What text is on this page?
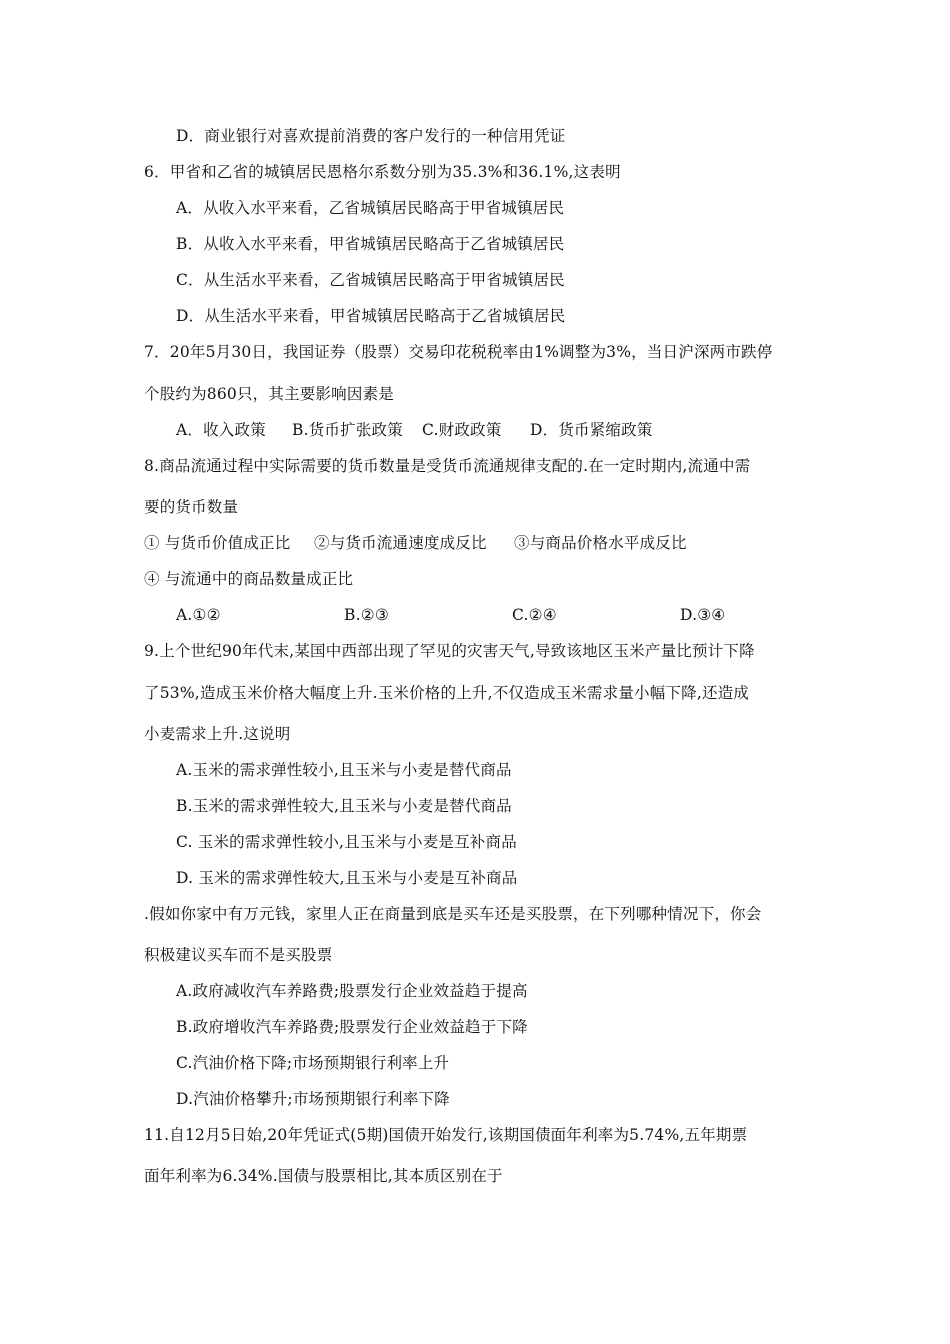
D．商业银行对喜欢提前消费的客户发行的一种信用凭证
6．甲省和乙省的城镇居民恩格尔系数分别为35.3%和36.1%,这表明
A．从收入水平来看，乙省城镇居民略高于甲省城镇居民
B．从收入水平来看，甲省城镇居民略高于乙省城镇居民
C．从生活水平来看，乙省城镇居民略高于甲省城镇居民
D．从生活水平来看，甲省城镇居民略高于乙省城镇居民
7．20年5月30日，我国证券（股票）交易印花税税率由1%调整为3%，当日沪深两市跌停
个股约为860只，其主要影响因素是
A．收入政策 B.货币扩张政策 C.财政政策 D．货币紧缩政策
8.商品流通过程中实际需要的货币数量是受货币流通规律支配的.在一定时期内,流通中需
要的货币数量
① 与货币价值成正比 ②与货币流通速度成反比 ③与商品价格水平成反比
④ 与流通中的商品数量成正比
A.①②	B.②③	C.②④	D.③④
9.上个世纪90年代末,某国中西部出现了罕见的灾害天气,导致该地区玉米产量比预计下降
了53%,造成玉米价格大幅度上升.玉米价格的上升,不仅造成玉米需求量小幅下降,还造成
小麦需求上升.这说明
A.玉米的需求弹性较小,且玉米与小麦是替代商品
B.玉米的需求弹性较大,且玉米与小麦是替代商品
C. 玉米的需求弹性较小,且玉米与小麦是互补商品
D. 玉米的需求弹性较大,且玉米与小麦是互补商品
.假如你家中有万元钱，家里人正在商量到底是买车还是买股票，在下列哪种情况下，你会
积极建议买车而不是买股票
A.政府减收汽车养路费;股票发行企业效益趋于提高
B.政府增收汽车养路费;股票发行企业效益趋于下降
C.汽油价格下降;市场预期银行利率上升
D.汽油价格攀升;市场预期银行利率下降
11.自12月5日始,20年凭证式(5期)国债开始发行,该期国债面年利率为5.74%,五年期票
面年利率为6.34%.国债与股票相比,其本质区别在于
